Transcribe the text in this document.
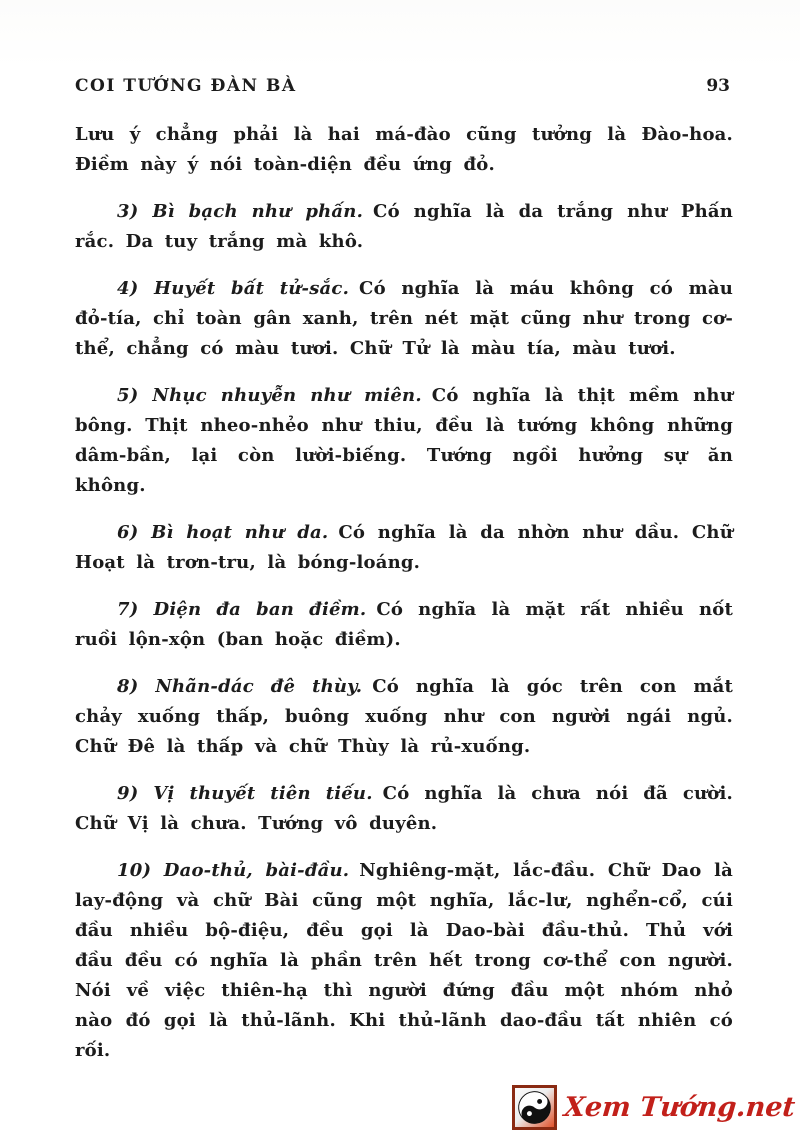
COI TƯỚNG ĐÀN BÀ	93

Lưu ý chẳng phải là hai má-đào cũng tưởng là Đào-hoa. Điềm này ý nói toàn-diện đều ứng đỏ.

3) Bì bạch như phấn. Có nghĩa là da trắng như Phấn rắc. Da tuy trắng mà khô.

4) Huyết bất tử-sắc. Có nghĩa là máu không có màu đỏ-tía, chỉ toàn gân xanh, trên nét mặt cũng như trong cơ-thể, chẳng có màu tươi. Chữ Tử là màu tía, màu tươi.

5) Nhục nhuyễn như miên. Có nghĩa là thịt mềm như bông. Thịt nheo-nhẻo như thiu, đều là tướng không những dâm-bần, lại còn lười-biếng. Tướng ngồi hưởng sự ăn không.

6) Bì hoạt như da. Có nghĩa là da nhờn như dầu. Chữ Hoạt là trơn-tru, là bóng-loáng.

7) Diện đa ban điềm. Có nghĩa là mặt rất nhiều nốt ruồi lộn-xộn (ban hoặc điềm).

8) Nhãn-dác đê thùy. Có nghĩa là góc trên con mắt chảy xuống thấp, buông xuống như con người ngái ngủ. Chữ Đê là thấp và chữ Thùy là rủ-xuống.

9) Vị thuyết tiên tiếu. Có nghĩa là chưa nói đã cười. Chữ Vị là chưa. Tướng vô duyên.

10) Dao-thủ, bài-đầu. Nghiêng-mặt, lắc-đầu. Chữ Dao là lay-động và chữ Bài cũng một nghĩa, lắc-lư, nghển-cổ, cúi đầu nhiều bộ-điệu, đều gọi là Dao-bài đầu-thủ. Thủ với đầu đều có nghĩa là phần trên hết trong cơ-thể con người. Nói về việc thiên-hạ thì người đứng đầu một nhóm nhỏ nào đó gọi là thủ-lãnh. Khi thủ-lãnh dao-đầu tất nhiên có rối.

Xem Tướng.net
